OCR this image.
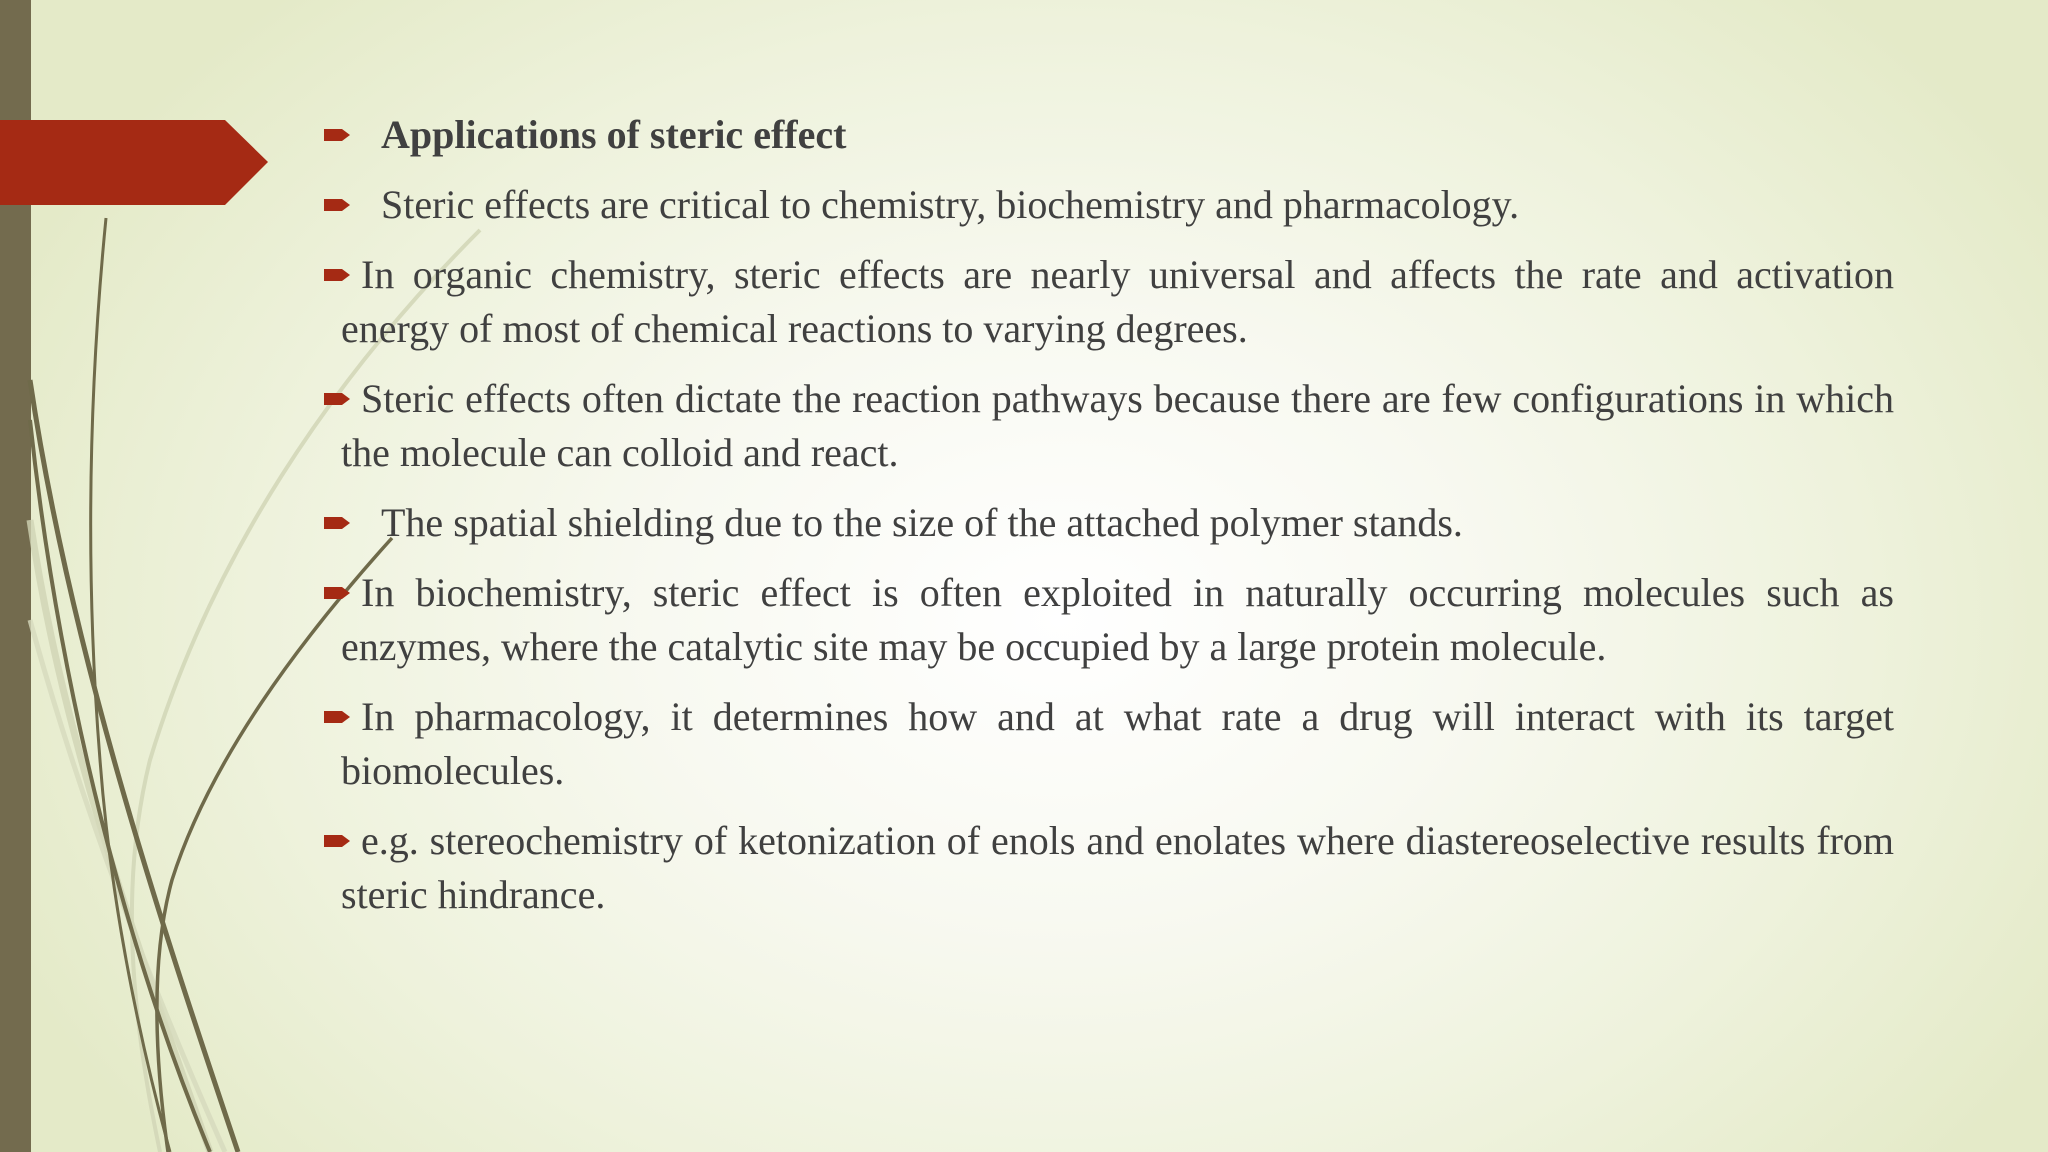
Applications of steric effect
Steric effects are critical to chemistry, biochemistry and pharmacology.
In organic chemistry, steric effects are nearly universal and affects the rate and activation energy of most of chemical reactions to varying degrees.
Steric effects often dictate the reaction pathways because there are few configurations in which the molecule can colloid and react.
The spatial shielding due to the size of the attached polymer stands.
In biochemistry, steric effect is often exploited in naturally occurring molecules such as enzymes, where the catalytic site may be occupied by a large protein molecule.
In pharmacology, it determines how and at what rate a drug will interact with its target biomolecules.
e.g. stereochemistry of ketonization of enols and enolates where diastereoselective results from steric hindrance.
